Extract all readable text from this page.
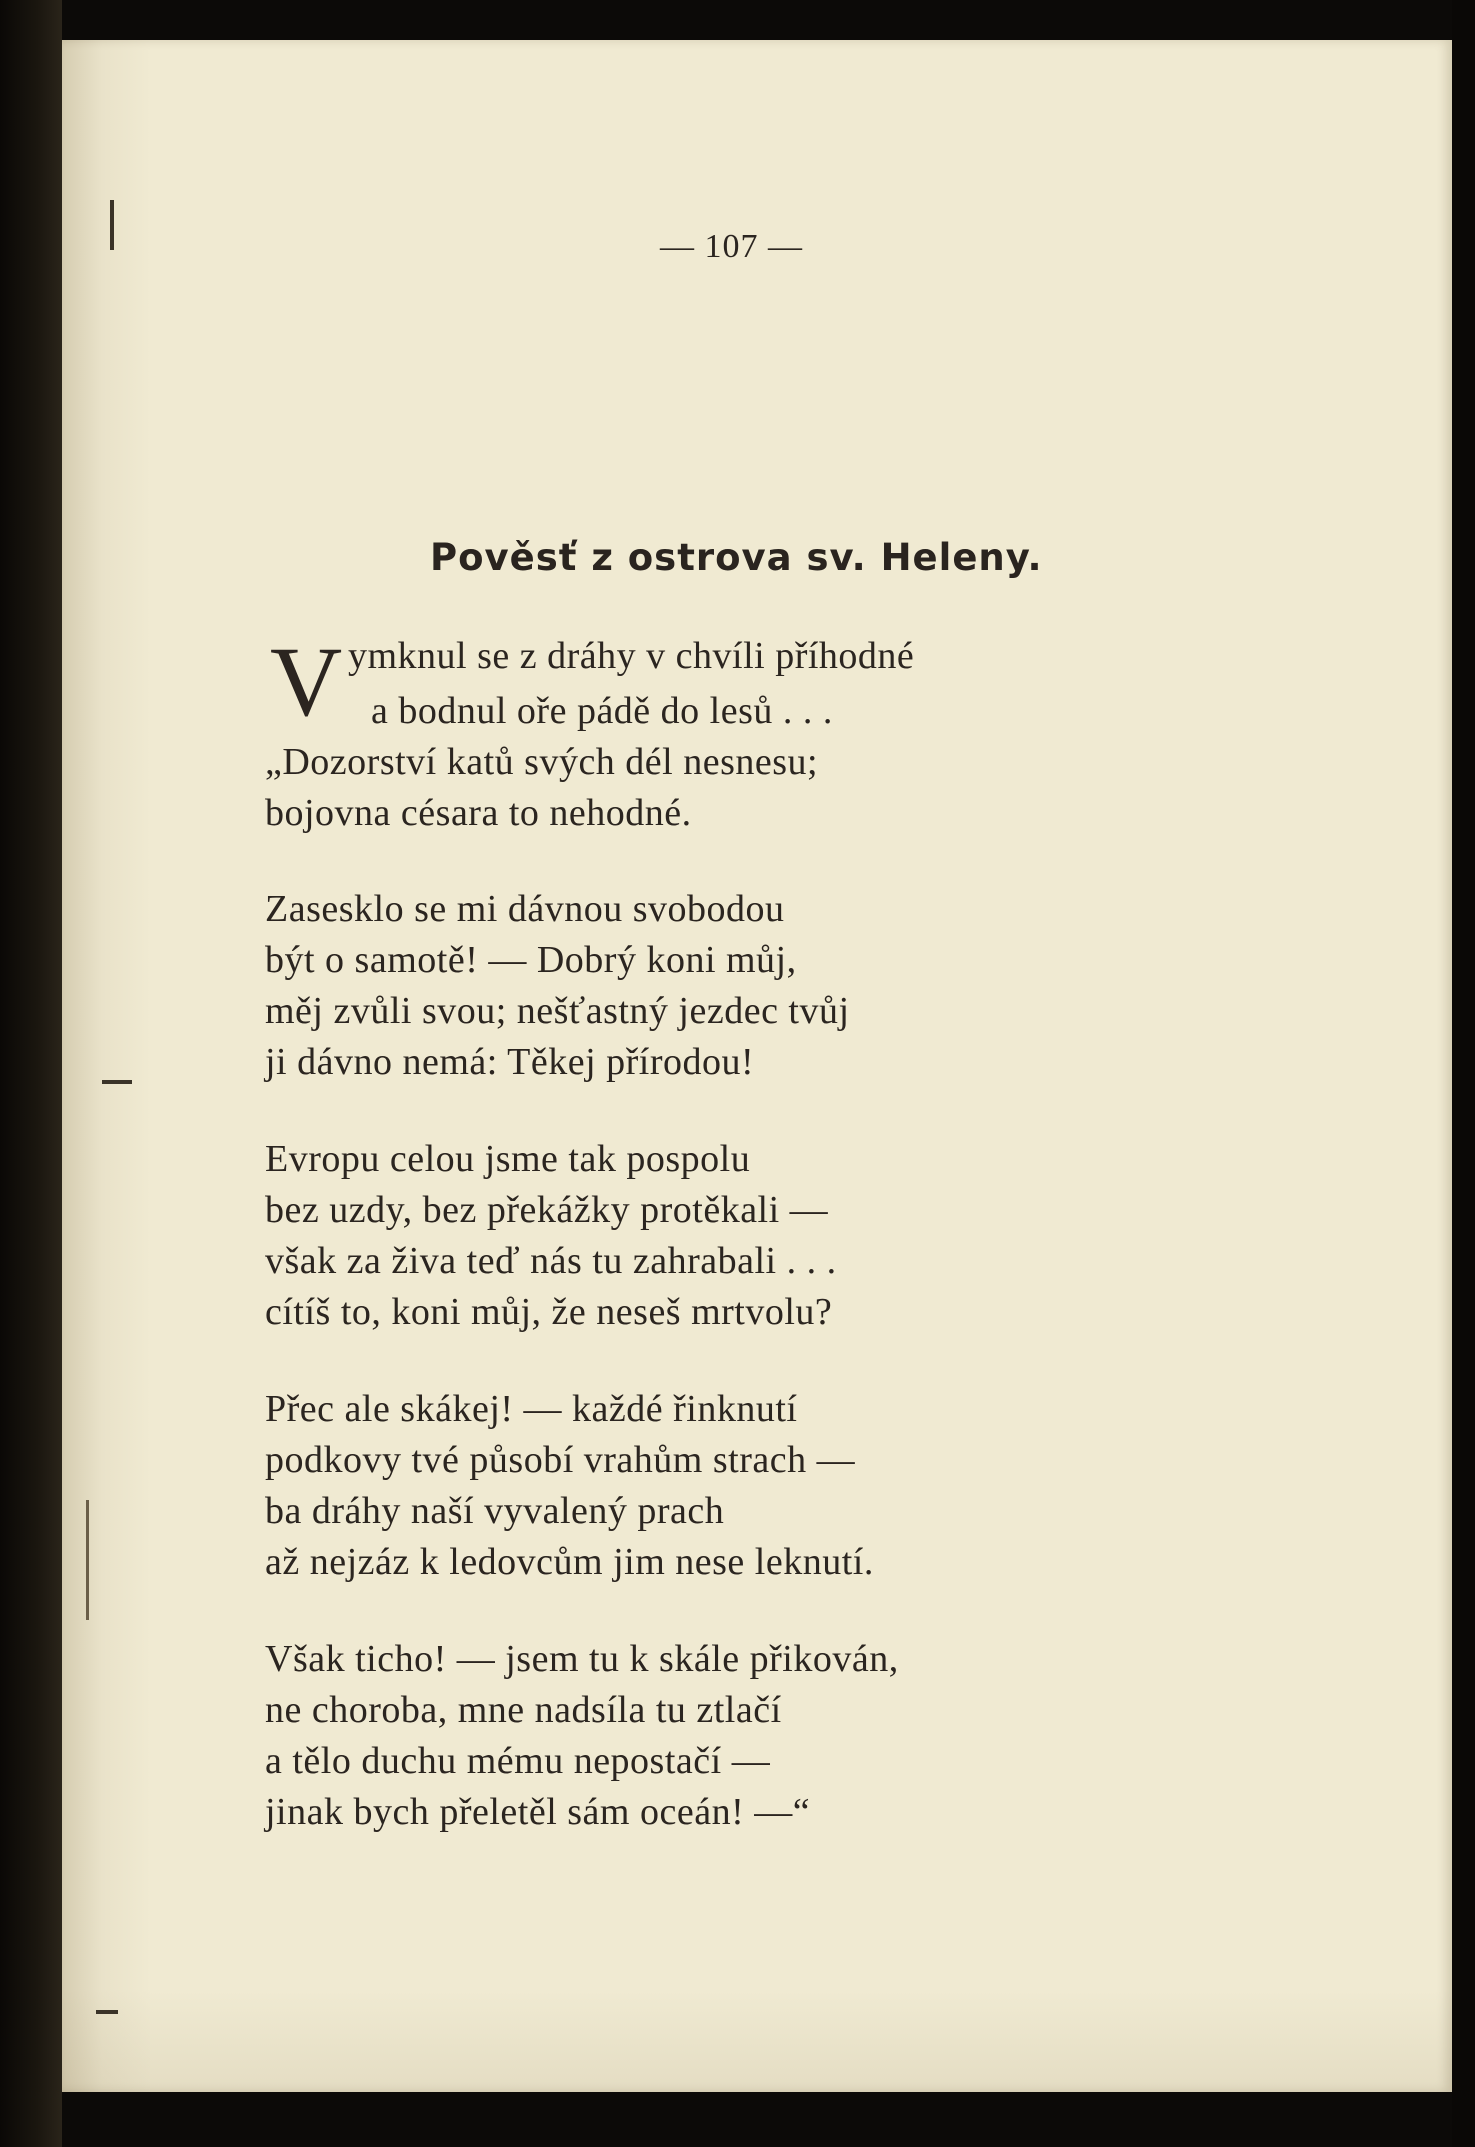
— 107 —
Pověsť z ostrova sv. Heleny.
V ymknul se z dráhy v chvíli příhodné
a bodnul oře pádě do lesů . . .
„Dozorství katů svých dél nesnesu;
bojovna césara to nehodné.
Zasesklo se mi dávnou svobodou
být o samotě! — Dobrý koni můj,
měj zvůli svou; nešťastný jezdec tvůj
ji dávno nemá: Těkej přírodou!
Evropu celou jsme tak pospolu
bez uzdy, bez překážky protěkali —
však za živa teď nás tu zahrabali . . .
cítíš to, koni můj, že neseš mrtvolu?
Přec ale skákej! — každé řinknutí
podkovy tvé působí vrahům strach —
ba dráhy naší vyvalený prach
až nejzáz k ledovcům jim nese leknutí.
Však ticho! — jsem tu k skále přikován,
ne choroba, mne nadsíla tu ztlačí
a tělo duchu mému nepostačí —
jinak bych přeletěl sám oceán! —“
